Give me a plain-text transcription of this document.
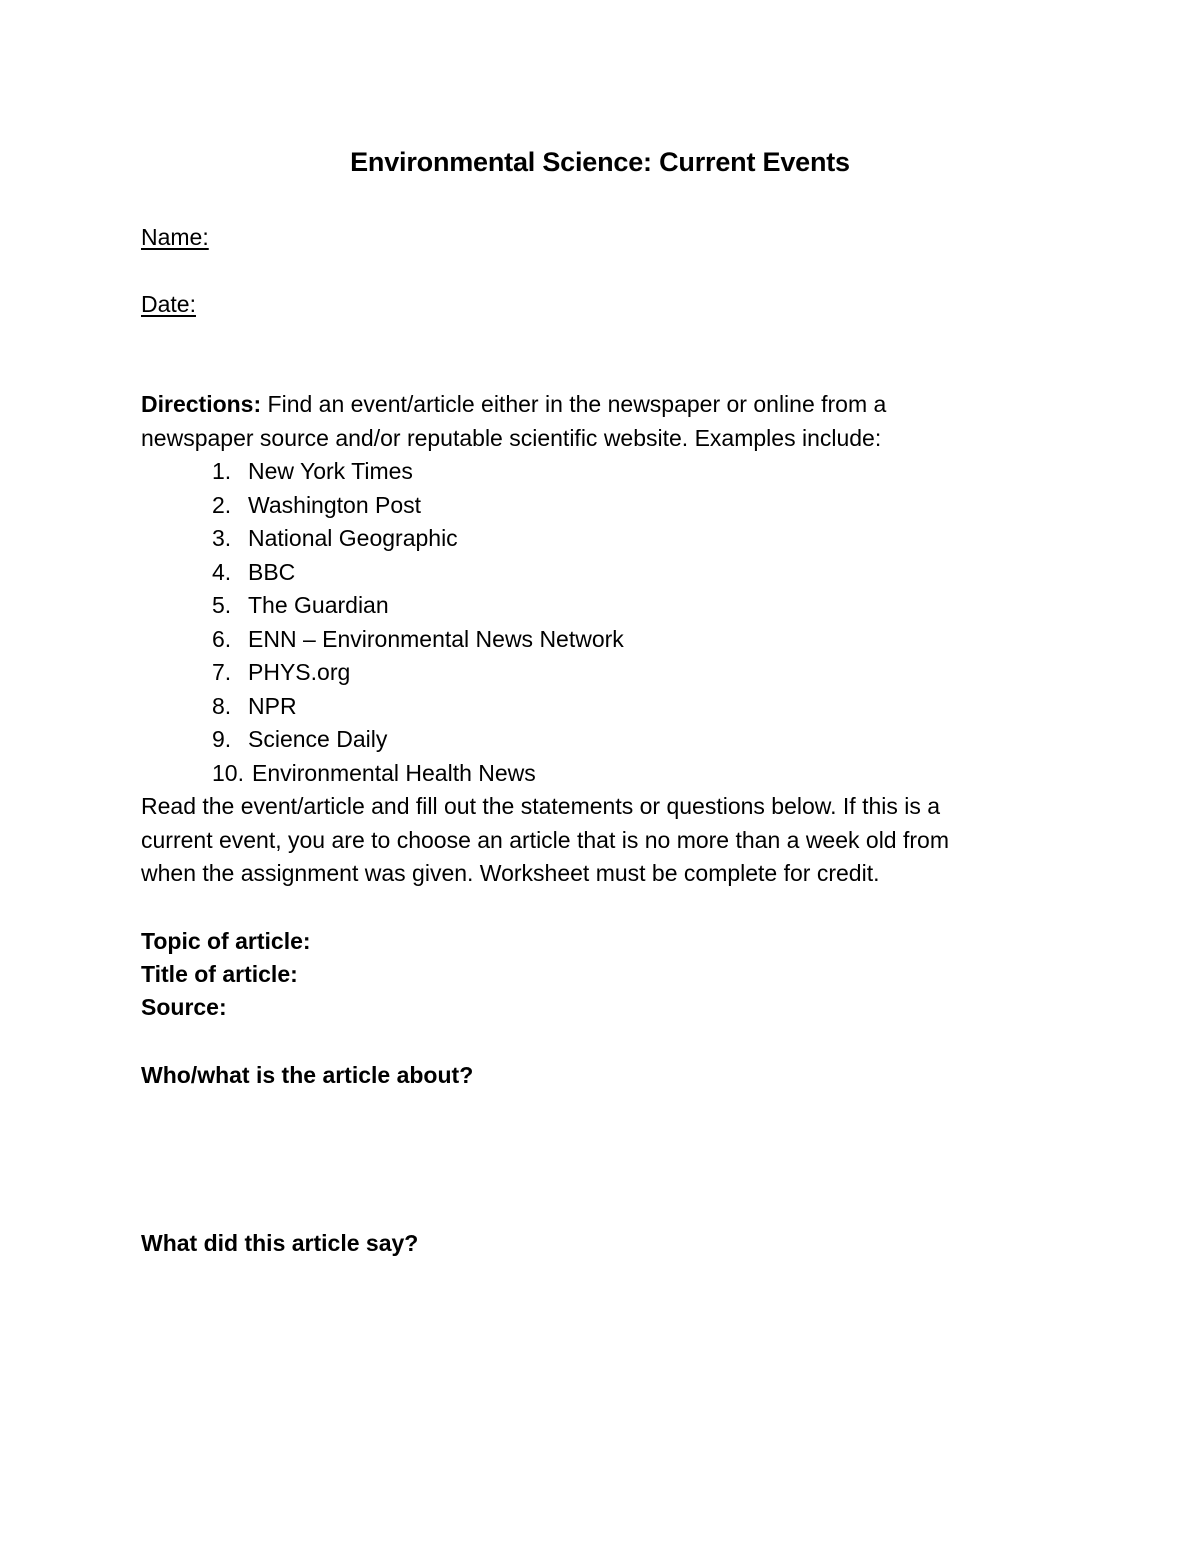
Environmental Science: Current Events
Name:
Date:
Directions: Find an event/article either in the newspaper or online from a
newspaper source and/or reputable scientific website. Examples include:
1. New York Times
2. Washington Post
3. National Geographic
4. BBC
5. The Guardian
6. ENN – Environmental News Network
7. PHYS.org
8. NPR
9. Science Daily
10. Environmental Health News
Read the event/article and fill out the statements or questions below. If this is a
current event, you are to choose an article that is no more than a week old from
when the assignment was given. Worksheet must be complete for credit.
Topic of article:
Title of article:
Source:
Who/what is the article about?
What did this article say?
